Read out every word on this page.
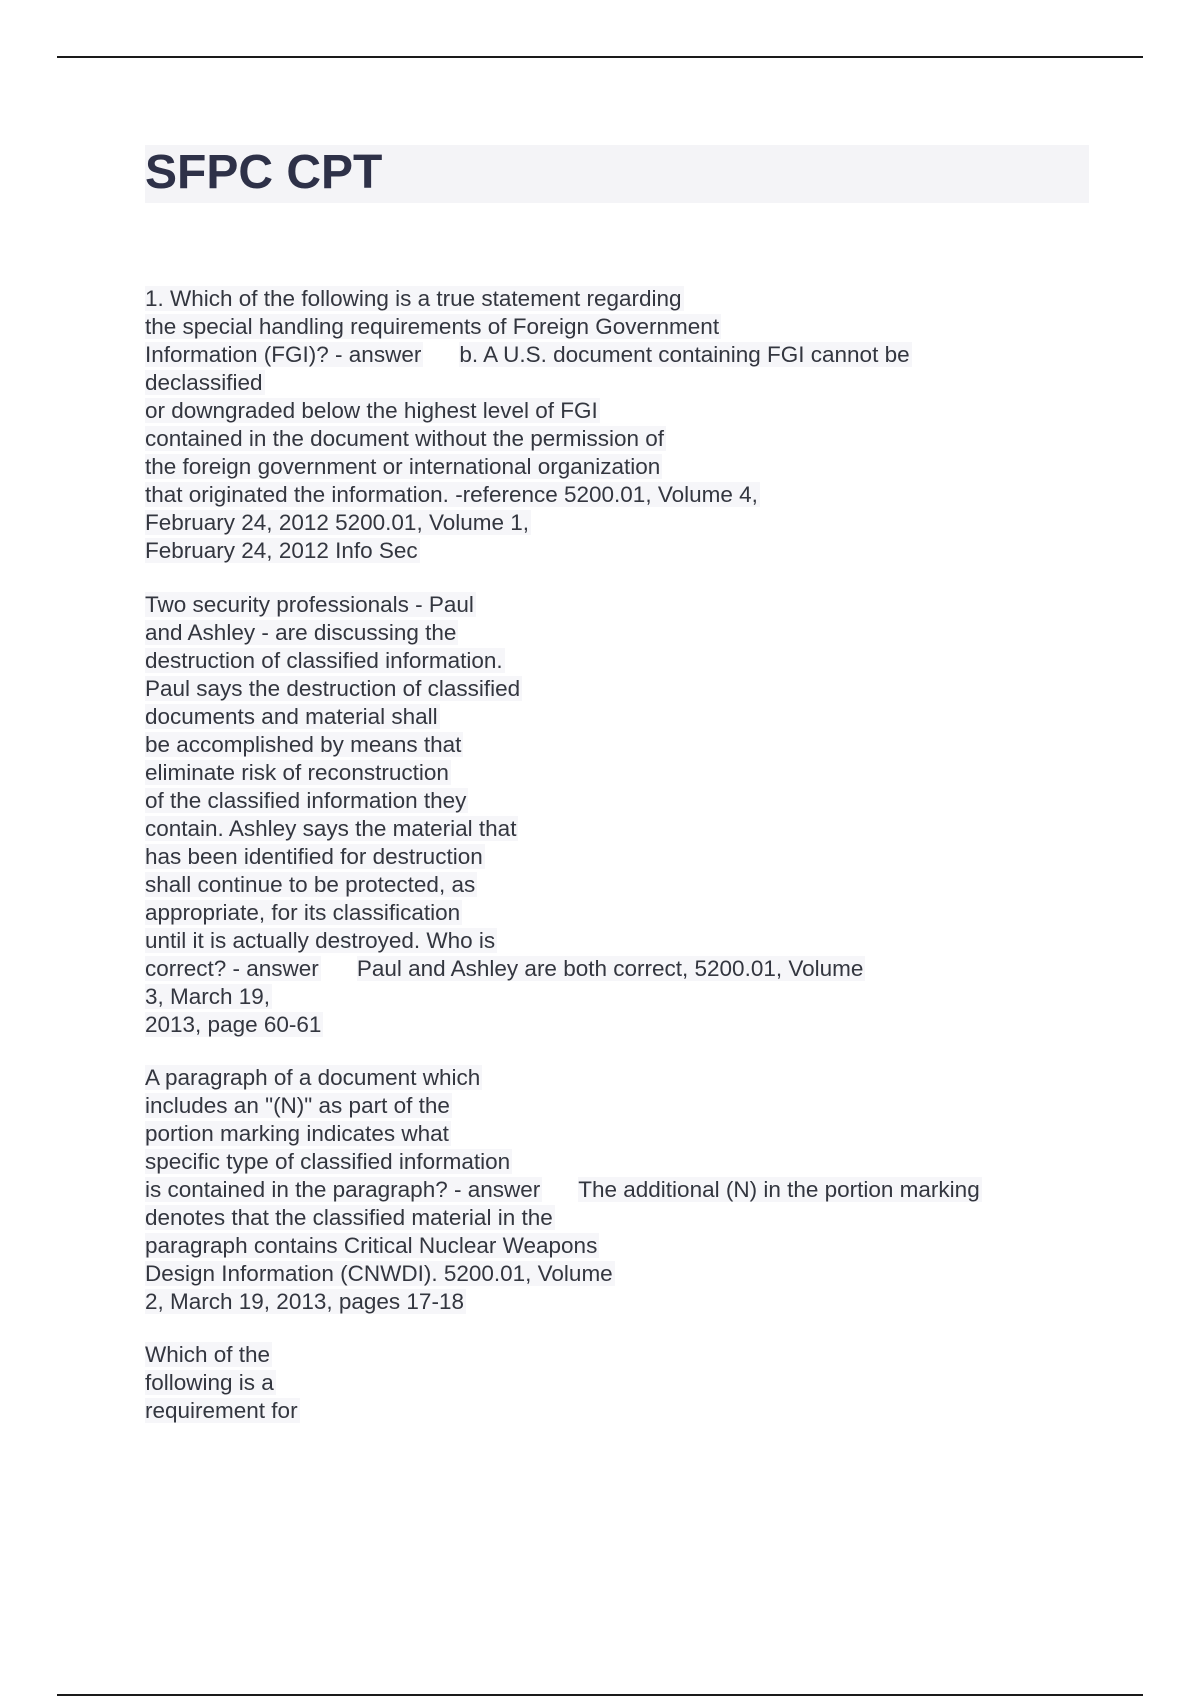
SFPC CPT
1. Which of the following is a true statement regarding
the special handling requirements of Foreign Government
Information (FGI)? - answer b. A U.S. document containing FGI cannot be
declassified
or downgraded below the highest level of FGI
contained in the document without the permission of
the foreign government or international organization
that originated the information. -reference 5200.01, Volume 4,
February 24, 2012 5200.01, Volume 1,
February 24, 2012 Info Sec
Two security professionals - Paul
and Ashley - are discussing the
destruction of classified information.
Paul says the destruction of classified
documents and material shall
be accomplished by means that
eliminate risk of reconstruction
of the classified information they
contain. Ashley says the material that
has been identified for destruction
shall continue to be protected, as
appropriate, for its classification
until it is actually destroyed. Who is
correct? - answer Paul and Ashley are both correct, 5200.01, Volume
3, March 19,
2013, page 60-61
A paragraph of a document which
includes an "(N)" as part of the
portion marking indicates what
specific type of classified information
is contained in the paragraph? - answer The additional (N) in the portion marking
denotes that the classified material in the
paragraph contains Critical Nuclear Weapons
Design Information (CNWDI). 5200.01, Volume
2, March 19, 2013, pages 17-18
Which of the
following is a
requirement for
